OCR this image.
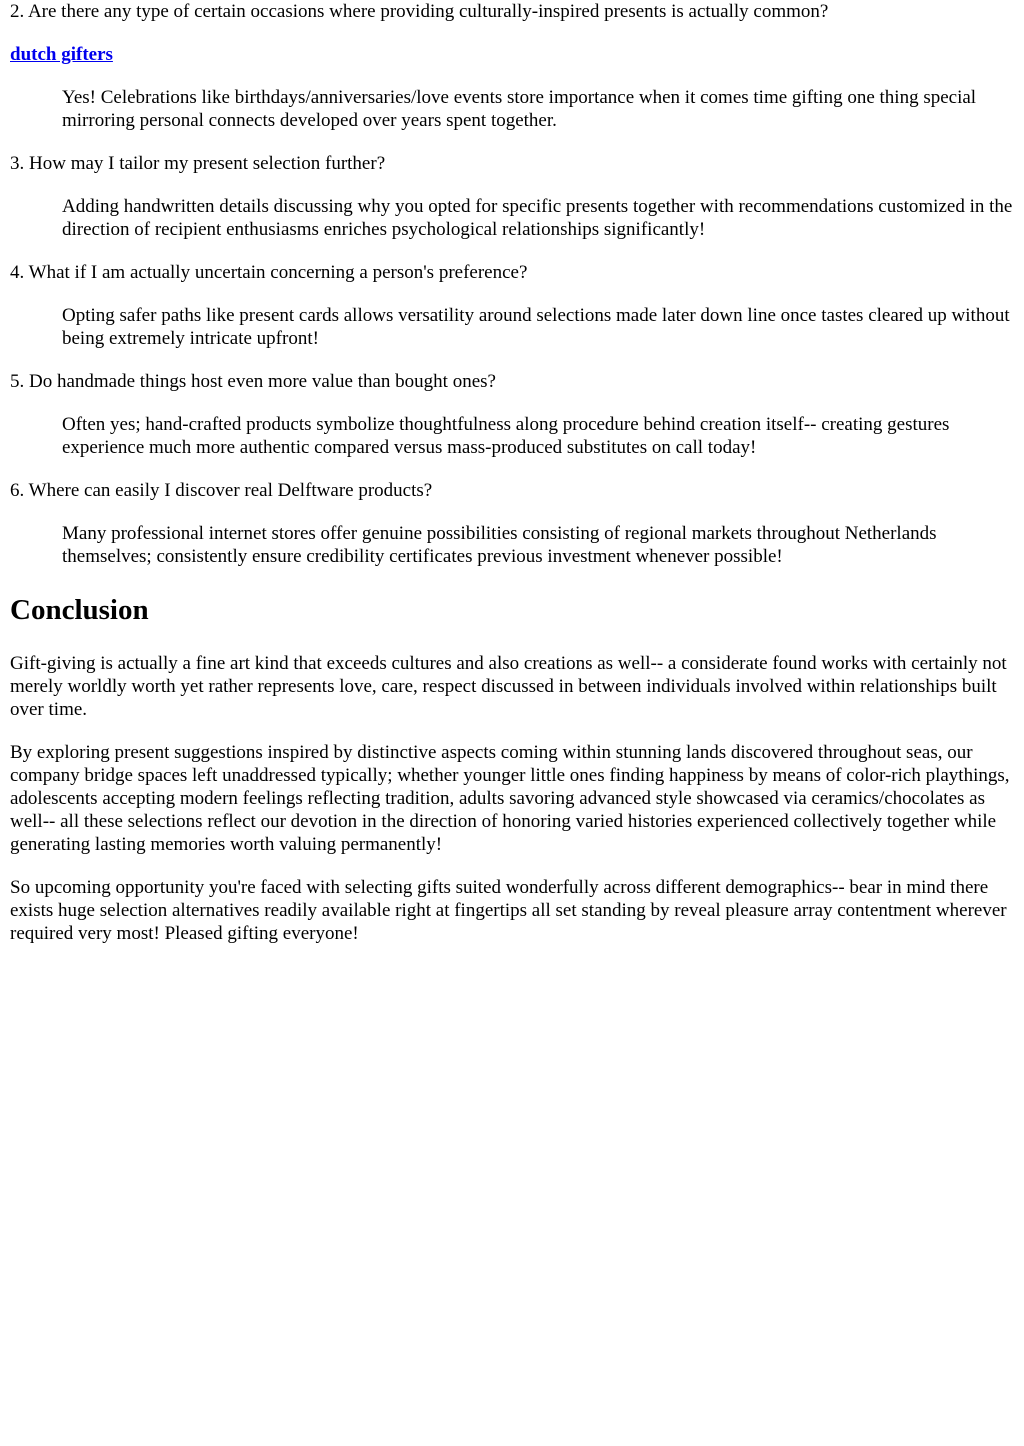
2. Are there any type of certain occasions where providing culturally-inspired presents is actually common?

dutch gifters

Yes! Celebrations like birthdays/anniversaries/love events store importance when it comes time gifting one thing special mirroring personal connects developed over years spent together.

3. How may I tailor my present selection further?

Adding handwritten details discussing why you opted for specific presents together with recommendations customized in the direction of recipient enthusiasms enriches psychological relationships significantly!

4. What if I am actually uncertain concerning a person's preference?

Opting safer paths like present cards allows versatility around selections made later down line once tastes cleared up without being extremely intricate upfront!

5. Do handmade things host even more value than bought ones?

Often yes; hand-crafted products symbolize thoughtfulness along procedure behind creation itself-- creating gestures experience much more authentic compared versus mass-produced substitutes on call today!

6. Where can easily I discover real Delftware products?

Many professional internet stores offer genuine possibilities consisting of regional markets throughout Netherlands themselves; consistently ensure credibility certificates previous investment whenever possible!

Conclusion

Gift-giving is actually a fine art kind that exceeds cultures and also creations as well-- a considerate found works with certainly not merely worldly worth yet rather represents love, care, respect discussed in between individuals involved within relationships built over time.

By exploring present suggestions inspired by distinctive aspects coming within stunning lands discovered throughout seas, our company bridge spaces left unaddressed typically; whether younger little ones finding happiness by means of color-rich playthings, adolescents accepting modern feelings reflecting tradition, adults savoring advanced style showcased via ceramics/chocolates as well-- all these selections reflect our devotion in the direction of honoring varied histories experienced collectively together while generating lasting memories worth valuing permanently!

So upcoming opportunity you're faced with selecting gifts suited wonderfully across different demographics-- bear in mind there exists huge selection alternatives readily available right at fingertips all set standing by reveal pleasure array contentment wherever required very most! Pleased gifting everyone!
